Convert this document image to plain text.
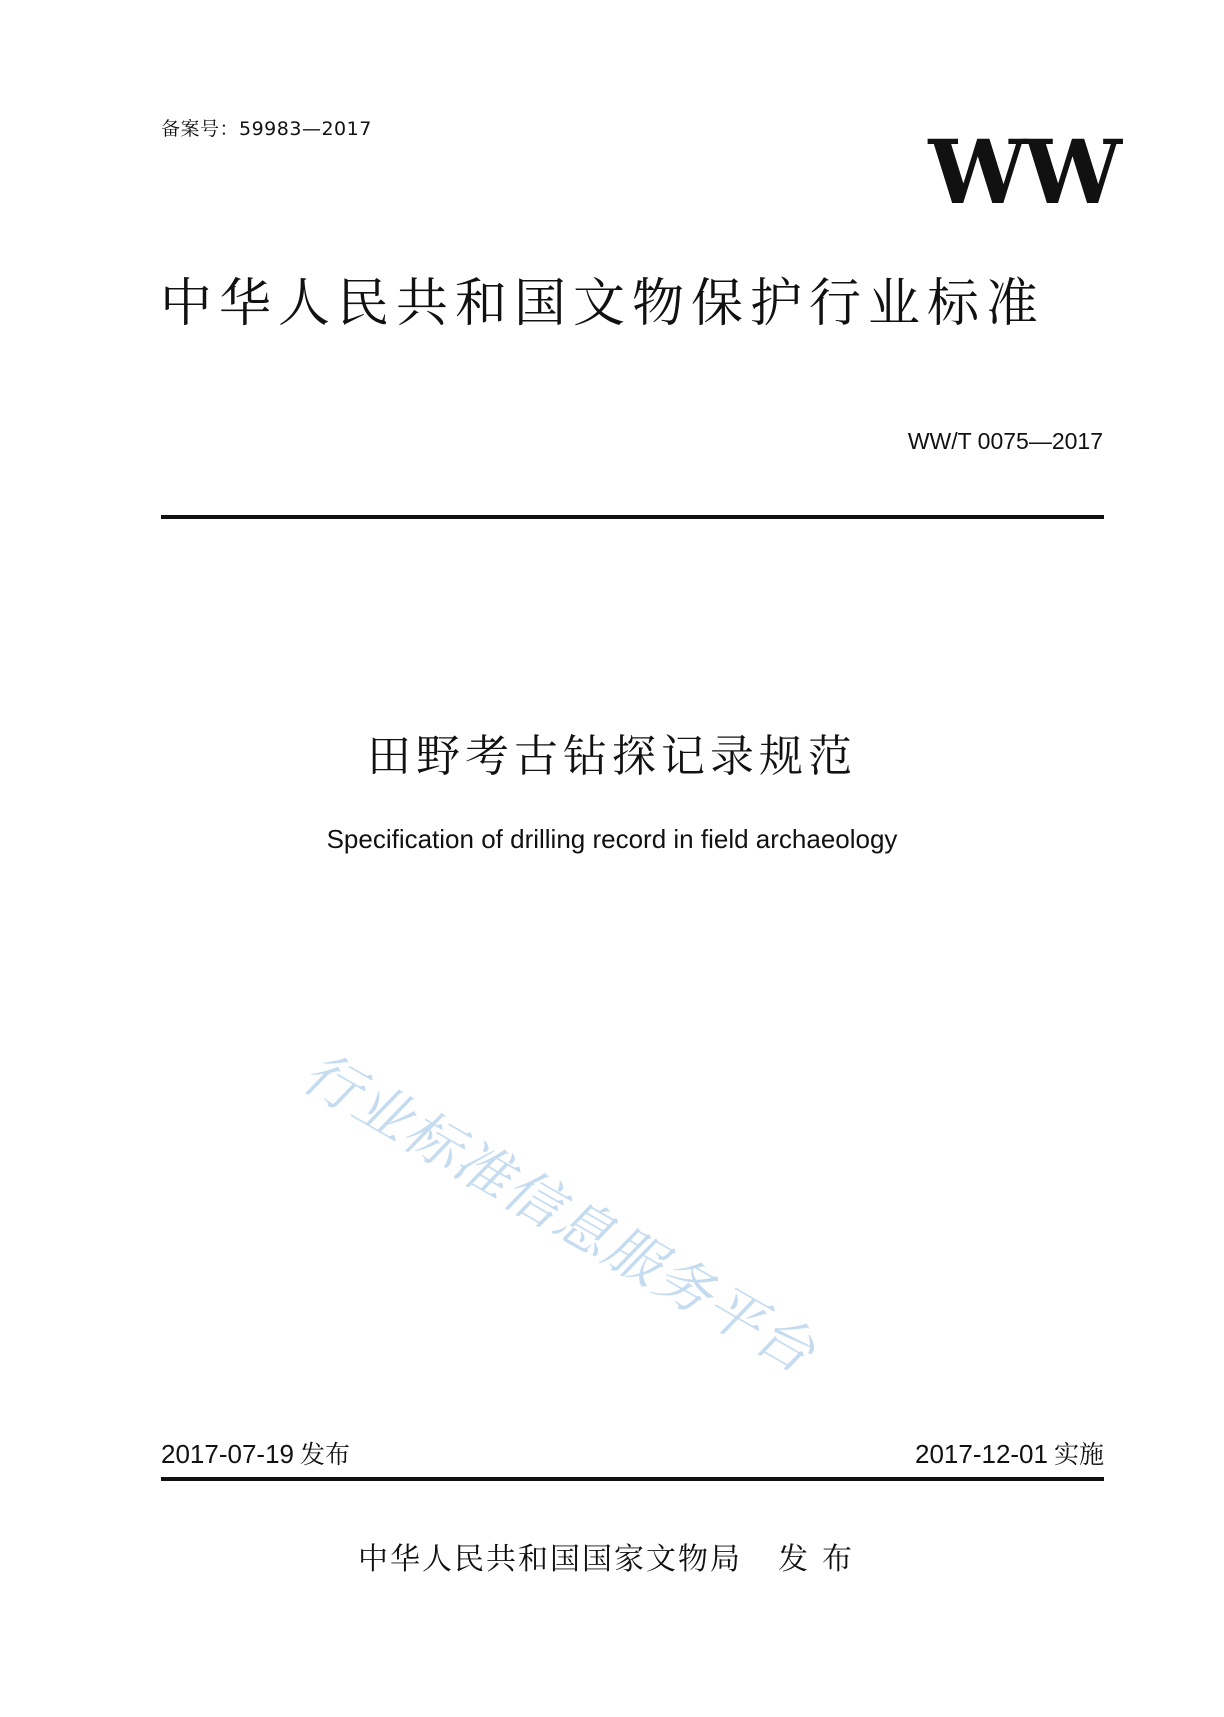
备案号：59983—2017	WW
中华人民共和国文物保护行业标准
WW/T 0075—2017
田野考古钻探记录规范
Specification of drilling record in field archaeology
行业标准信息服务平台
2017-07-19 发布	2017-12-01 实施
中华人民共和国国家文物局 发布
